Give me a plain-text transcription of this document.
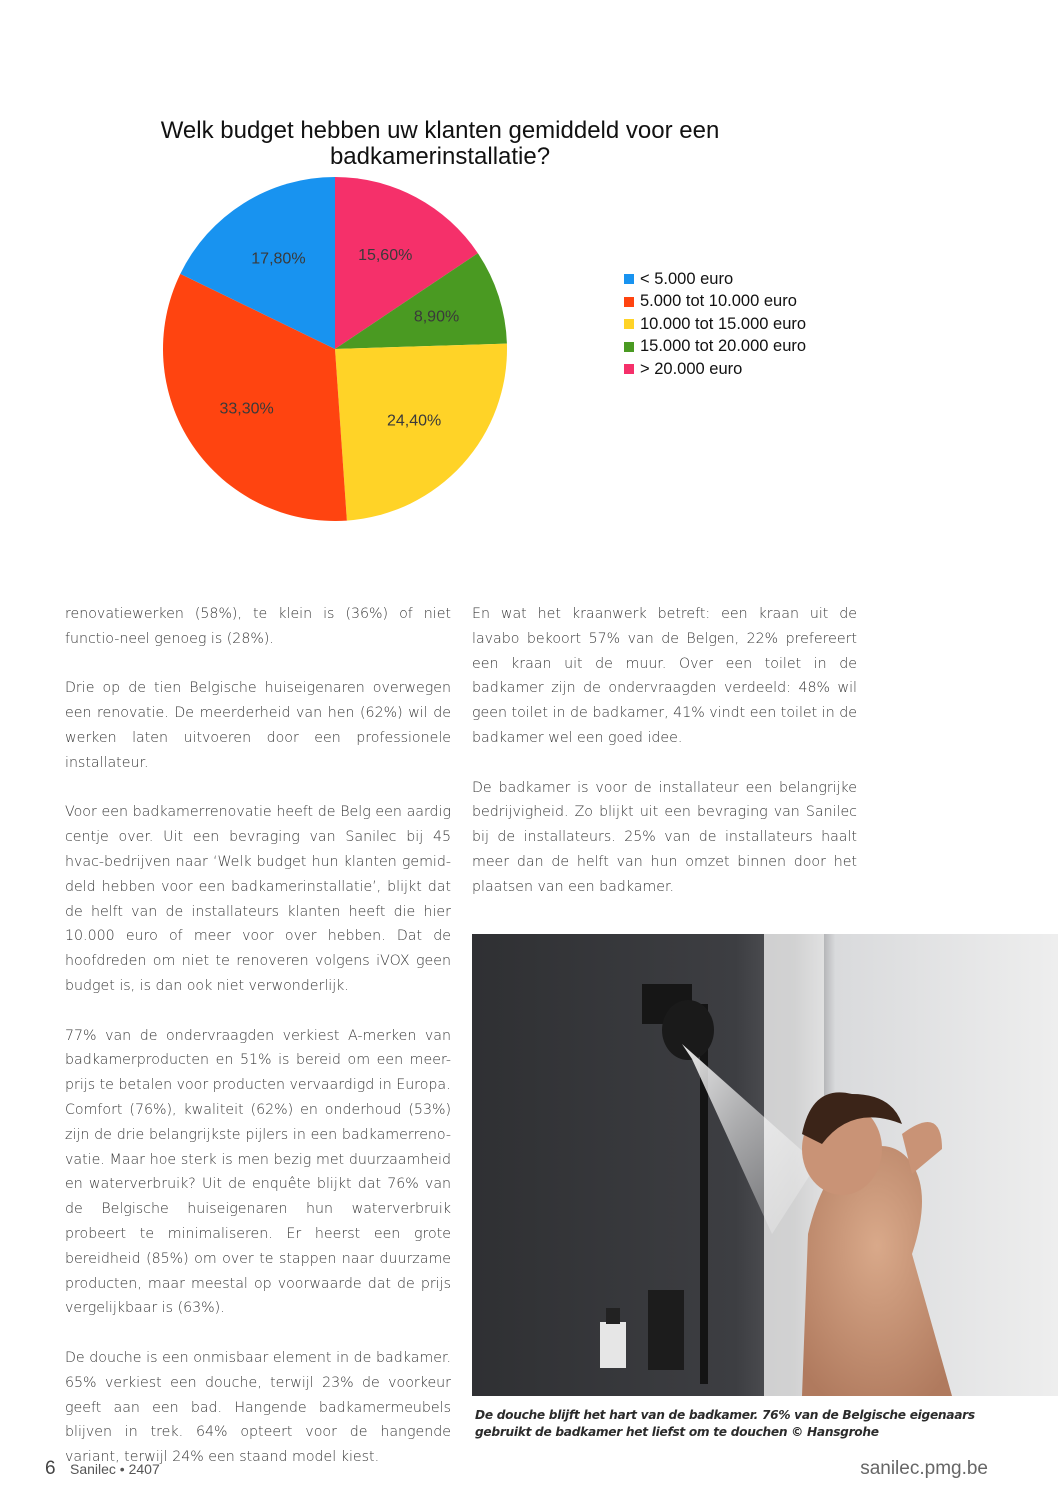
Welk budget hebben uw klanten gemiddeld voor een badkamerinstallatie?
15,60%
8,90%
24,40%
33,30%
17,80%
< 5.000 euro
5.000 tot 10.000 euro
10.000 tot 15.000 euro
15.000 tot 20.000 euro
> 20.000 euro

renovatiewerken (58%), te klein is (36%) of niet functio-neel genoeg is (28%).

Drie op de tien Belgische huiseigenaren overwegen een renovatie. De meerderheid van hen (62%) wil de werken laten uitvoeren door een professionele installateur.

Voor een badkamerrenovatie heeft de Belg een aardig centje over. Uit een bevraging van Sanilec bij 45 hvac-bedrijven naar ‘Welk budget hun klanten gemid-deld hebben voor een badkamerinstallatie’, blijkt dat de helft van de installateurs klanten heeft die hier 10.000 euro of meer voor over hebben. Dat de hoofdreden om niet te renoveren volgens iVOX geen budget is, is dan ook niet verwonderlijk.

77% van de ondervraagden verkiest A-merken van badkamerproducten en 51% is bereid om een meer-prijs te betalen voor producten vervaardigd in Europa.

Comfort (76%), kwaliteit (62%) en onderhoud (53%) zijn de drie belangrijkste pijlers in een badkamerreno-vatie. Maar hoe sterk is men bezig met duurzaamheid en waterverbruik? Uit de enquête blijkt dat 76% van de Belgische huiseigenaren hun waterverbruik probeert te minimaliseren. Er heerst een grote bereidheid (85%) om over te stappen naar duurzame producten, maar meestal op voorwaarde dat de prijs vergelijkbaar is (63%).

De douche is een onmisbaar element in de badkamer. 65% verkiest een douche, terwijl 23% de voorkeur geeft aan een bad. Hangende badkamermeubels blijven in trek. 64% opteert voor de hangende variant, terwijl 24% een staand model kiest.

En wat het kraanwerk betreft: een kraan uit de lavabo bekoort 57% van de Belgen, 22% prefereert een kraan uit de muur. Over een toilet in de badkamer zijn de ondervraagden verdeeld: 48% wil geen toilet in de badkamer, 41% vindt een toilet in de badkamer wel een goed idee.

De badkamer is voor de installateur een belangrijke bedrijvigheid. Zo blijkt uit een bevraging van Sanilec bij de installateurs. 25% van de installateurs haalt meer dan de helft van hun omzet binnen door het plaatsen van een badkamer.

De douche blijft het hart van de badkamer. 76% van de Belgische eigenaars gebruikt de badkamer het liefst om te douchen © Hansgrohe
6 Sanilec • 2407	sanilec.pmg.be
